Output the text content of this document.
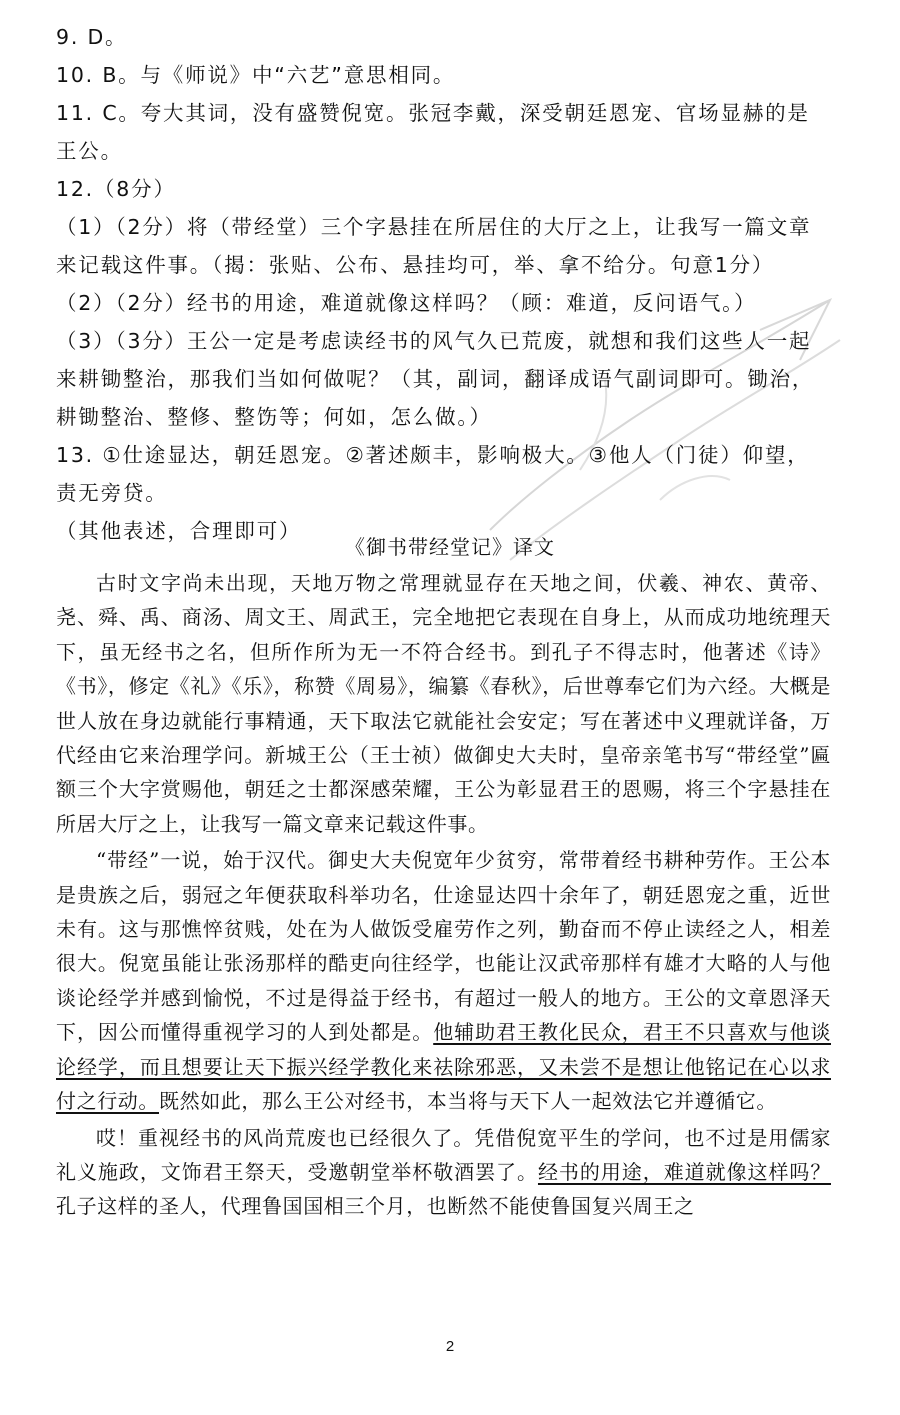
9. D。

10. B。与《师说》中“六艺”意思相同。

11. C。夸大其词，没有盛赞倪宽。张冠李戴，深受朝廷恩宠、官场显赫的是王公。

12.（8分）

（1）（2分）将（带经堂）三个字悬挂在所居住的大厅之上，让我写一篇文章来记载这件事。（揭：张贴、公布、悬挂均可，举、拿不给分。句意1分）

（2）（2分）经书的用途，难道就像这样吗？（顾：难道，反问语气。）

（3）（3分）王公一定是考虑读经书的风气久已荒废，就想和我们这些人一起来耕锄整治，那我们当如何做呢？（其，副词，翻译成语气副词即可。锄治，耕锄整治、整修、整饬等；何如，怎么做。）

13. ①仕途显达，朝廷恩宠。②著述颇丰，影响极大。③他人（门徒）仰望，责无旁贷。

（其他表述，合理即可）

《御书带经堂记》译文

古时文字尚未出现，天地万物之常理就显存在天地之间，伏羲、神农、黄帝、尧、舜、禹、商汤、周文王、周武王，完全地把它表现在自身上，从而成功地统理天下，虽无经书之名，但所作所为无一不符合经书。到孔子不得志时，他著述《诗》《书》，修定《礼》《乐》，称赞《周易》，编纂《春秋》，后世尊奉它们为六经。大概是世人放在身边就能行事精通，天下取法它就能社会安定；写在著述中义理就详备，万代经由它来治理学问。新城王公（王士祯）做御史大夫时，皇帝亲笔书写“带经堂”匾额三个大字赏赐他，朝廷之士都深感荣耀，王公为彰显君王的恩赐，将三个字悬挂在所居大厅之上，让我写一篇文章来记载这件事。

“带经”一说，始于汉代。御史大夫倪宽年少贫穷，常带着经书耕种劳作。王公本是贵族之后，弱冠之年便获取科举功名，仕途显达四十余年了，朝廷恩宠之重，近世未有。这与那憔悴贫贱，处在为人做饭受雇劳作之列，勤奋而不停止读经之人，相差很大。倪宽虽能让张汤那样的酷吏向往经学，也能让汉武帝那样有雄才大略的人与他谈论经学并感到愉悦，不过是得益于经书，有超过一般人的地方。王公的文章恩泽天下，因公而懂得重视学习的人到处都是。他辅助君王教化民众，君王不只喜欢与他谈论经学，而且想要让天下振兴经学教化来祛除邪恶，又未尝不是想让他铭记在心以求付之行动。既然如此，那么王公对经书，本当将与天下人一起效法它并遵循它。

哎！重视经书的风尚荒废也已经很久了。凭借倪宽平生的学问，也不过是用儒家礼义施政，文饰君王祭天，受邀朝堂举杯敬酒罢了。经书的用途，难道就像这样吗？孔子这样的圣人，代理鲁国国相三个月，也断然不能使鲁国复兴周王之

2
